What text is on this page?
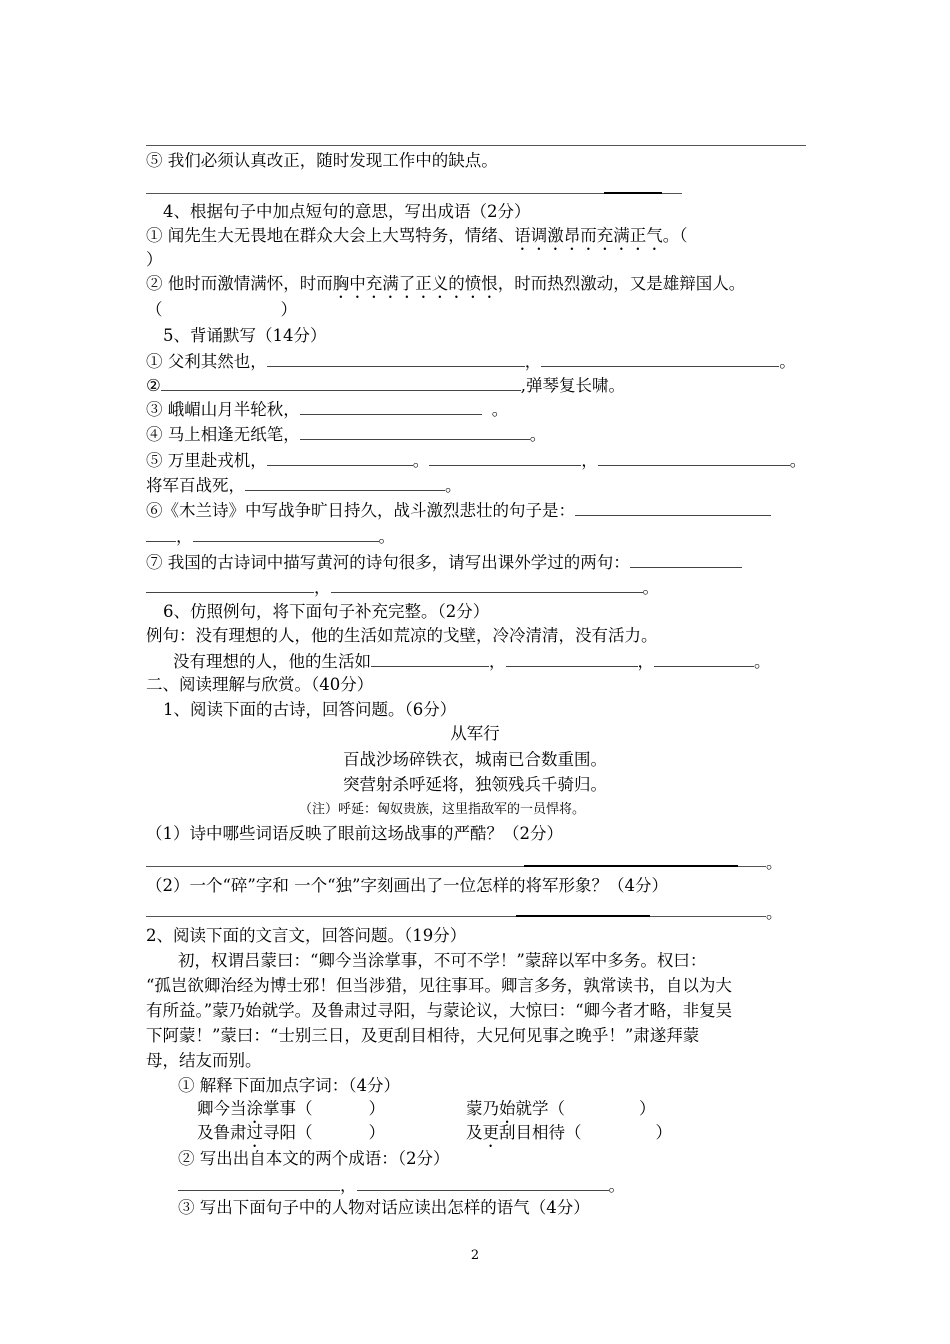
⑤ 我们必须认真改正，随时发现工作中的缺点。
4、根据句子中加点短句的意思，写出成语（2分）
① 闻先生大无畏地在群众大会上大骂特务，情绪、语调激昂而充满正气。（
）
② 他时而激情满怀，时而胸中充满了正义的愤恨，时而热烈激动，又是雄辩国人。
（	）
5、背诵默写（14分）
① 父利其然也，	，	。
②	,弹琴复长啸。
③ 峨嵋山月半轮秋，	。
④ 马上相逢无纸笔，	。
⑤ 万里赴戎机，	。	，	。
将军百战死，	。
⑥《木兰诗》中写战争旷日持久，战斗激烈悲壮的句子是：
，	。
⑦ 我国的古诗词中描写黄河的诗句很多，请写出课外学过的两句：
，	。
6、仿照例句，将下面句子补充完整。（2分）
例句：没有理想的人，他的生活如荒凉的戈壁，冷冷清清，没有活力。
没有理想的人，他的生活如	，	，	。
二、阅读理解与欣赏。（40分）
1、阅读下面的古诗，回答问题。（6分）
从军行
百战沙场碎铁衣，城南已合数重围。
突营射杀呼延将，独领残兵千骑归。
（注）呼延：匈奴贵族，这里指敌军的一员悍将。
（1）诗中哪些词语反映了眼前这场战事的严酷？（2分）
。
（2）一个“碎”字和 一个“独”字刻画出了一位怎样的将军形象？（4分）
。
2、阅读下面的文言文，回答问题。（19分）
初，权谓吕蒙曰：“卿今当涂掌事，不可不学！”蒙辞以军中多务。权曰：
“孤岂欲卿治经为博士邪！但当涉猎，见往事耳。卿言多务，孰常读书，自以为大
有所益。”蒙乃始就学。及鲁肃过寻阳，与蒙论议，大惊曰：“卿今者才略，非复吴
下阿蒙！”蒙曰：“士别三日，及更刮目相待，大兄何见事之晚乎！”肃遂拜蒙
母，结友而别。
① 解释下面加点字词：（4分）
卿今当涂掌事（	）	蒙乃始就学（	）
及鲁肃过寻阳（	）	及更刮目相待（	）
② 写出出自本文的两个成语：（2分）
，	。
③ 写出下面句子中的人物对话应读出怎样的语气（4分）
2
